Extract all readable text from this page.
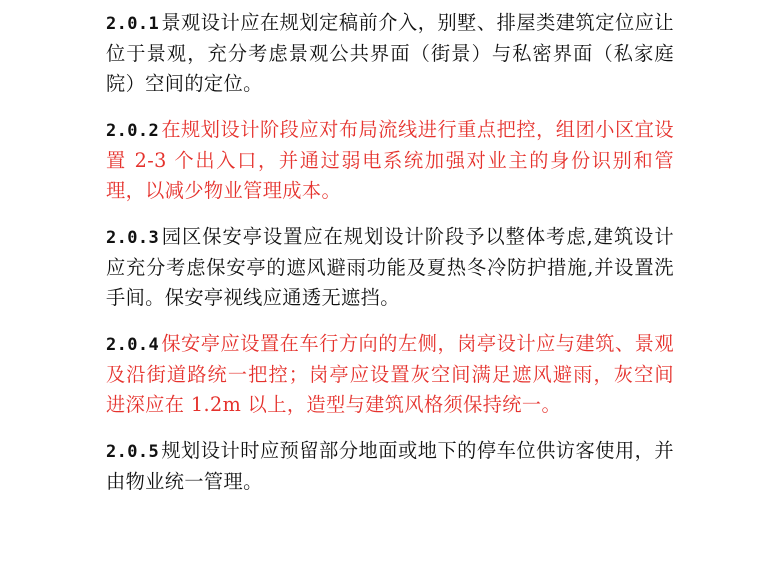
2.0.1 景观设计应在规划定稿前介入，别墅、排屋类建筑定位应让位于景观，充分考虑景观公共界面（街景）与私密界面（私家庭院）空间的定位。

2.0.2 在规划设计阶段应对布局流线进行重点把控，组团小区宜设置 2-3 个出入口，并通过弱电系统加强对业主的身份识别和管理，以减少物业管理成本。

2.0.3 园区保安亭设置应在规划设计阶段予以整体考虑,建筑设计应充分考虑保安亭的遮风避雨功能及夏热冬冷防护措施,并设置洗手间。保安亭视线应通透无遮挡。

2.0.4 保安亭应设置在车行方向的左侧，岗亭设计应与建筑、景观及沿街道路统一把控；岗亭应设置灰空间满足遮风避雨，灰空间进深应在 1.2m 以上，造型与建筑风格须保持统一。

2.0.5 规划设计时应预留部分地面或地下的停车位供访客使用，并由物业统一管理。
